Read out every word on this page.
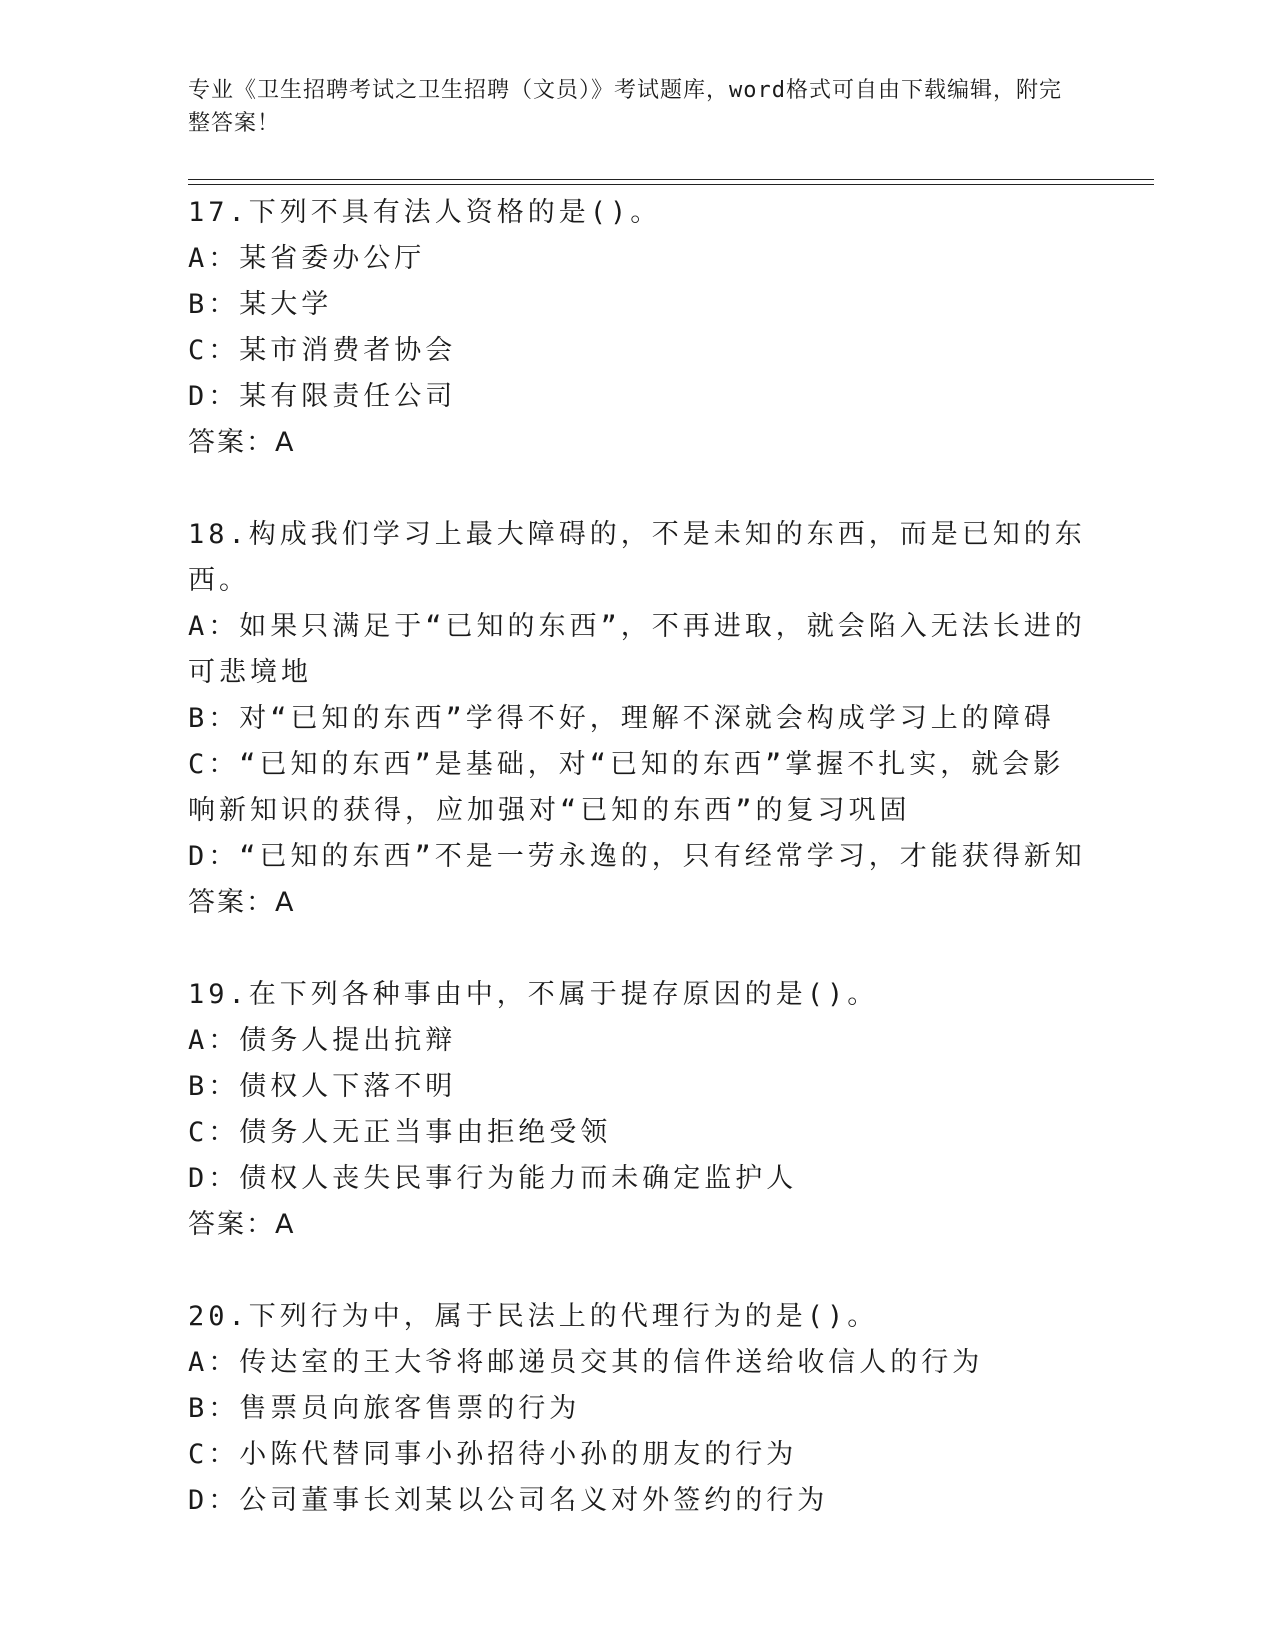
专业《卫生招聘考试之卫生招聘（文员）》考试题库，word格式可自由下载编辑，附完整答案！

17.下列不具有法人资格的是()。

A：某省委办公厅

B：某大学

C：某市消费者协会

D：某有限责任公司

答案：A

18.构成我们学习上最大障碍的，不是未知的东西，而是已知的东西。

A：如果只满足于“已知的东西”，不再进取，就会陷入无法长进的可悲境地

B：对“已知的东西”学得不好，理解不深就会构成学习上的障碍

C：“已知的东西”是基础，对“已知的东西”掌握不扎实，就会影响新知识的获得，应加强对“已知的东西”的复习巩固

D：“已知的东西”不是一劳永逸的，只有经常学习，才能获得新知

答案：A

19.在下列各种事由中，不属于提存原因的是()。

A：债务人提出抗辩

B：债权人下落不明

C：债务人无正当事由拒绝受领

D：债权人丧失民事行为能力而未确定监护人

答案：A

20.下列行为中，属于民法上的代理行为的是()。

A：传达室的王大爷将邮递员交其的信件送给收信人的行为

B：售票员向旅客售票的行为

C：小陈代替同事小孙招待小孙的朋友的行为

D：公司董事长刘某以公司名义对外签约的行为
